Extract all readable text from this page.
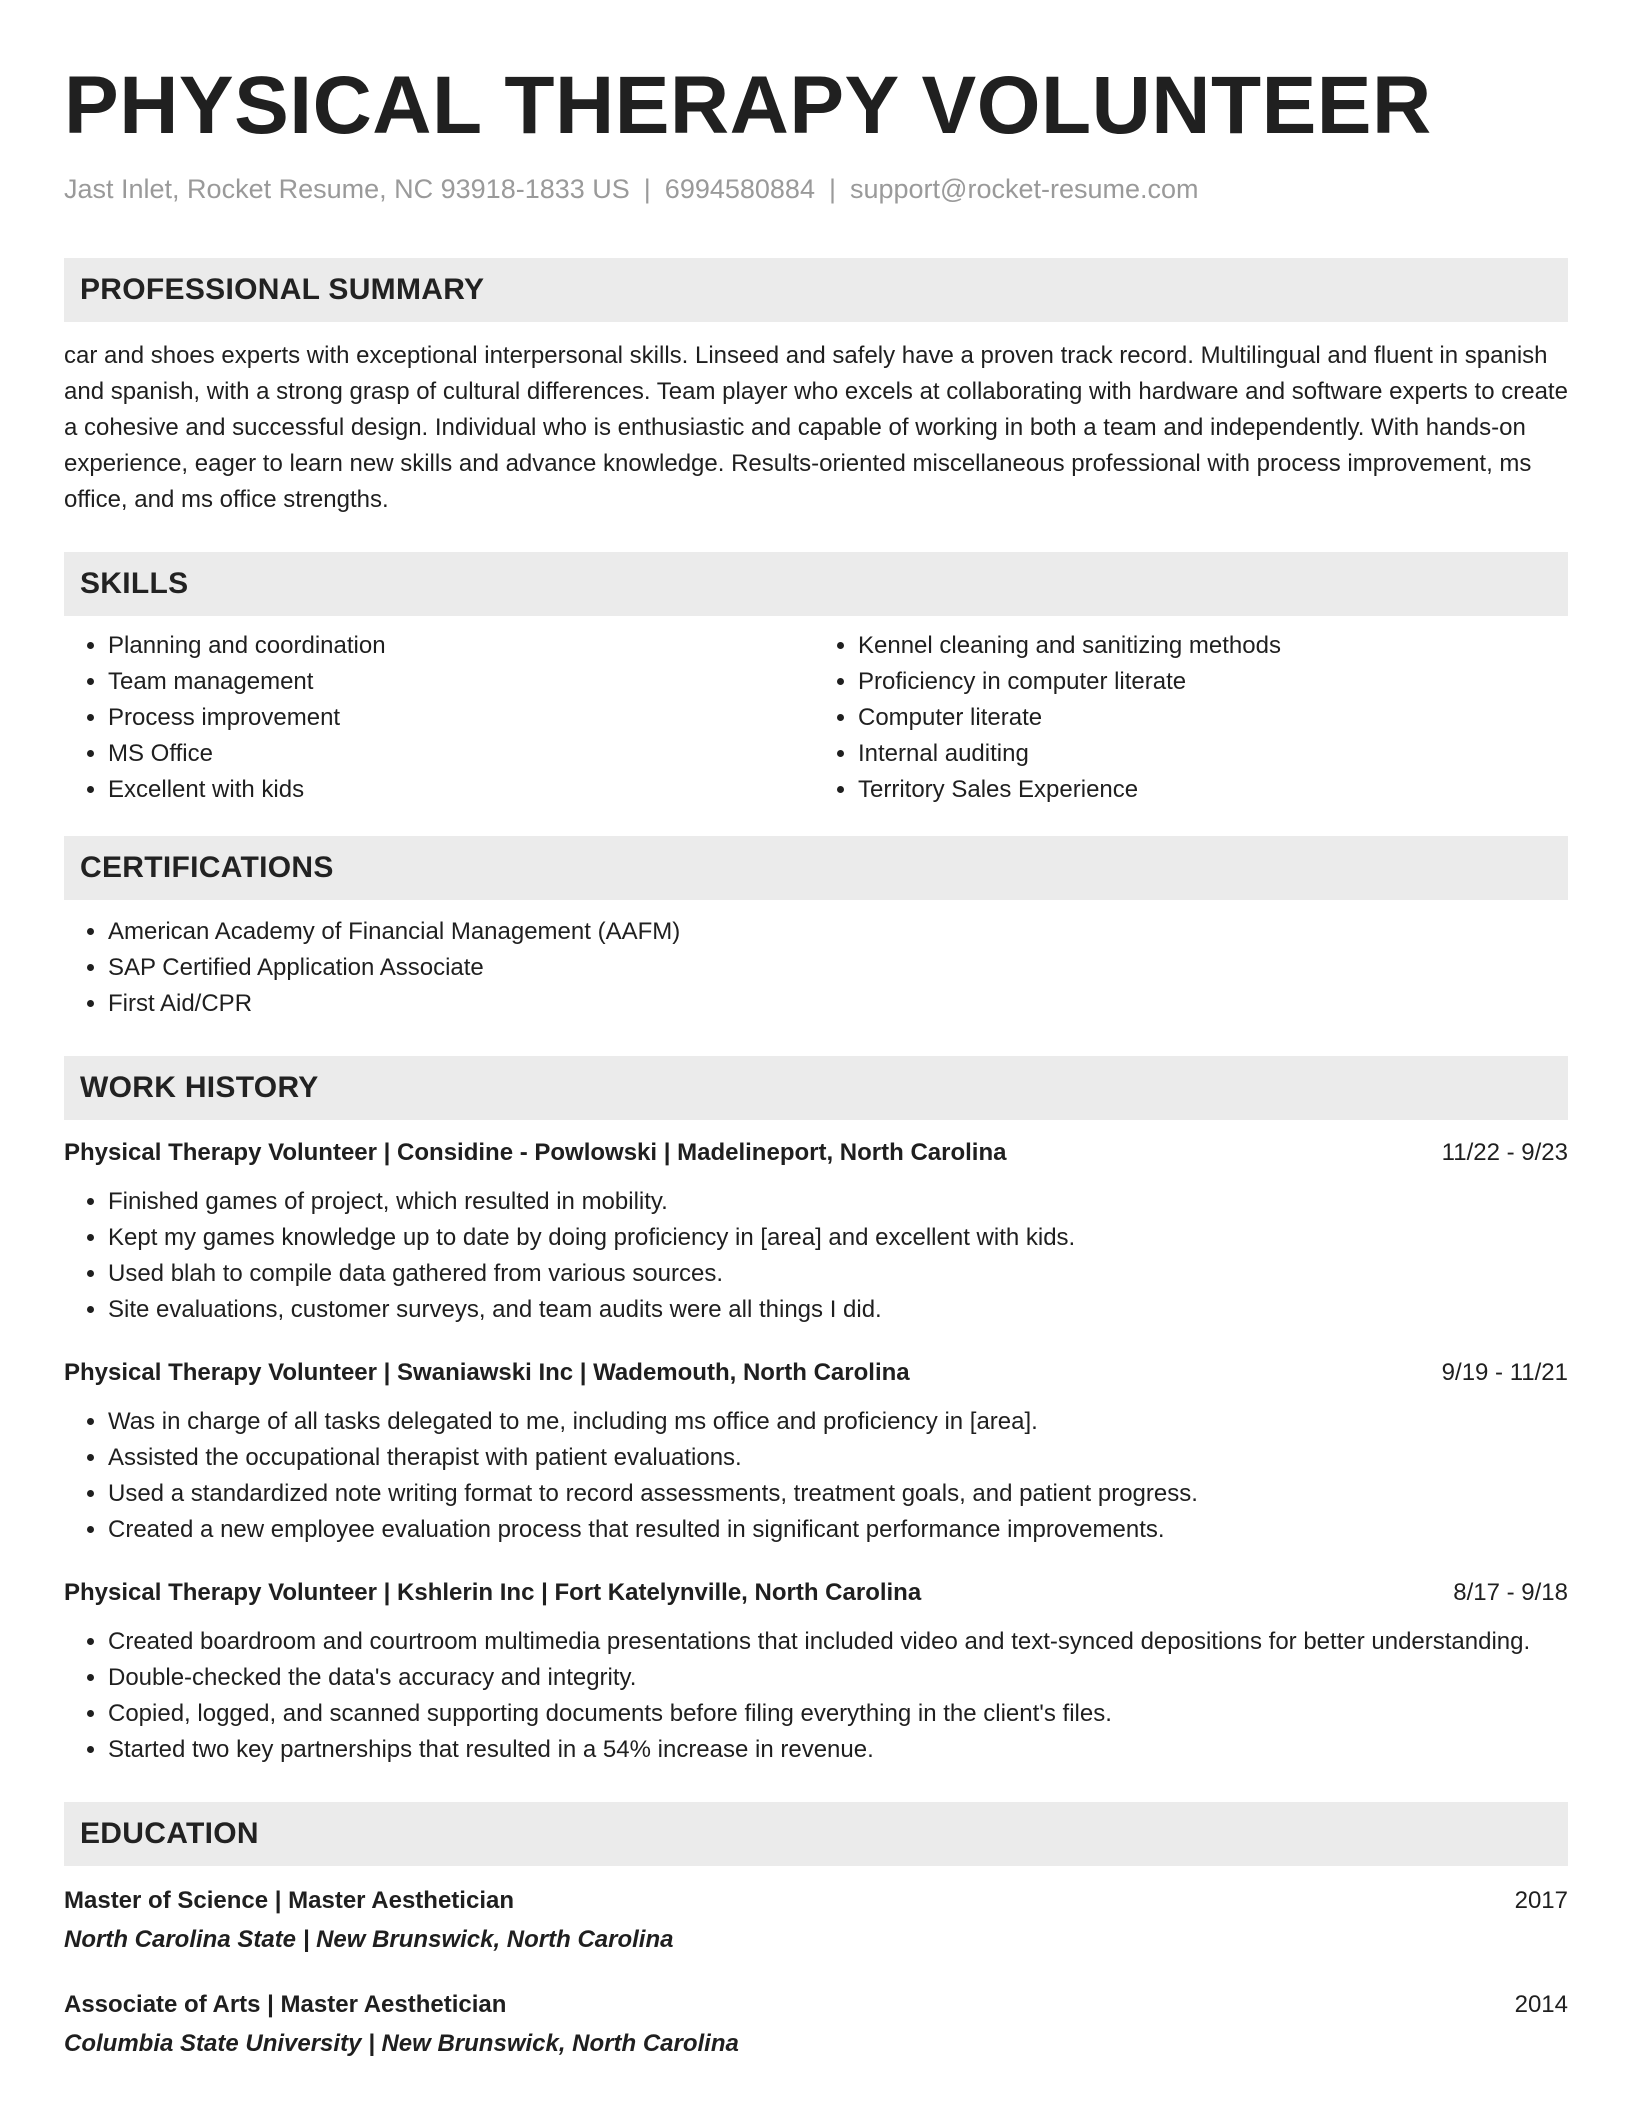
PHYSICAL THERAPY VOLUNTEER
Jast Inlet, Rocket Resume, NC 93918-1833 US | 6994580884 | support@rocket-resume.com
PROFESSIONAL SUMMARY

car and shoes experts with exceptional interpersonal skills. Linseed and safely have a proven track record. Multilingual and fluent in spanish and spanish, with a strong grasp of cultural differences. Team player who excels at collaborating with hardware and software experts to create a cohesive and successful design. Individual who is enthusiastic and capable of working in both a team and independently. With hands-on experience, eager to learn new skills and advance knowledge. Results-oriented miscellaneous professional with process improvement, ms office, and ms office strengths.

SKILLS
• Planning and coordination
• Team management
• Process improvement
• MS Office
• Excellent with kids
• Kennel cleaning and sanitizing methods
• Proficiency in computer literate
• Computer literate
• Internal auditing
• Territory Sales Experience
CERTIFICATIONS
• American Academy of Financial Management (AAFM)
• SAP Certified Application Associate
• First Aid/CPR
WORK HISTORY
Physical Therapy Volunteer | Considine - Powlowski | Madelineport, North Carolina	11/22 - 9/23
• Finished games of project, which resulted in mobility.
• Kept my games knowledge up to date by doing proficiency in [area] and excellent with kids.
• Used blah to compile data gathered from various sources.
• Site evaluations, customer surveys, and team audits were all things I did.
Physical Therapy Volunteer | Swaniawski Inc | Wademouth, North Carolina	9/19 - 11/21
• Was in charge of all tasks delegated to me, including ms office and proficiency in [area].
• Assisted the occupational therapist with patient evaluations.
• Used a standardized note writing format to record assessments, treatment goals, and patient progress.
• Created a new employee evaluation process that resulted in significant performance improvements.
Physical Therapy Volunteer | Kshlerin Inc | Fort Katelynville, North Carolina	8/17 - 9/18
• Created boardroom and courtroom multimedia presentations that included video and text-synced depositions for better understanding.
• Double-checked the data's accuracy and integrity.
• Copied, logged, and scanned supporting documents before filing everything in the client's files.
• Started two key partnerships that resulted in a 54% increase in revenue.
EDUCATION
Master of Science | Master Aesthetician	2017
North Carolina State | New Brunswick, North Carolina
Associate of Arts | Master Aesthetician	2014
Columbia State University | New Brunswick, North Carolina
